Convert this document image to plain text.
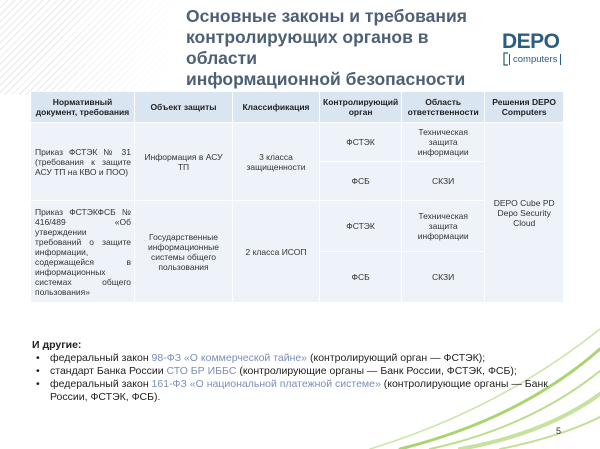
Основные законы и требования
контролирующих органов в области
информационной безопасности
DEPO
computers
Нормативный документ, требования	Объект защиты	Классификация	Контролирующий орган	Область ответственности	Решения DEPO Computers
Приказ ФСТЭК № 31 (требования к защите АСУ ТП на КВО и ПОО)	Информация в АСУ ТП	3 класса защищенности	ФСТЭК	Техническая защита информации	DEPO Cube PD Depo Security Cloud
			ФСБ	СКЗИ	
Приказ ФСТЭКФСБ № 416/489 «Об утверждении требований о защите информации, содержащейся в информационных системах общего пользования»	Государственные информационные системы общего пользования	2 класса ИСОП	ФСТЭК	Техническая защита информации	
			ФСБ	СКЗИ	
И другие:
• федеральный закон 98-ФЗ «О коммерческой тайне» (контролирующий орган — ФСТЭК);
• стандарт Банка России СТО БР ИББС (контролирующие органы — Банк России, ФСТЭК, ФСБ);
• федеральный закон 161-ФЗ «О национальной платежной системе» (контролирующие органы — Банк России, ФСТЭК, ФСБ).
5
